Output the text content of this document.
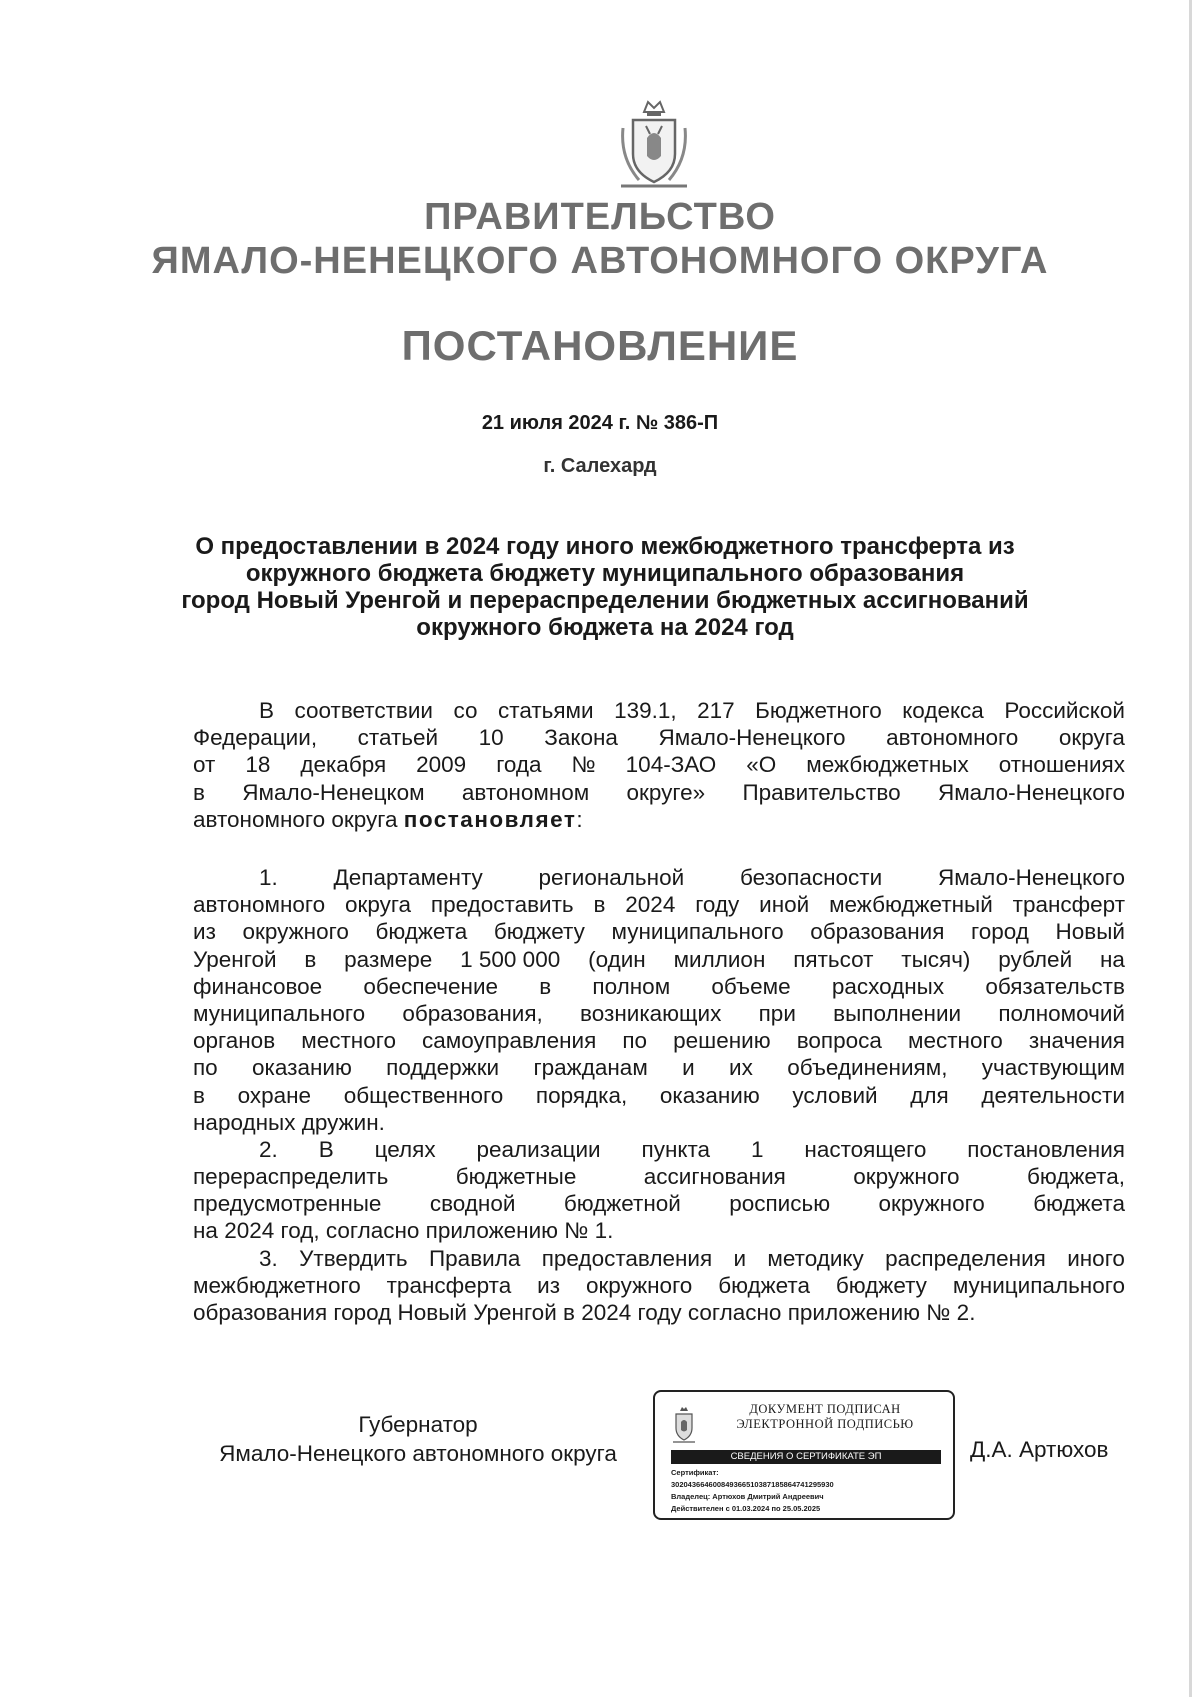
ПРАВИТЕЛЬСТВО
ЯМАЛО-НЕНЕЦКОГО АВТОНОМНОГО ОКРУГА
ПОСТАНОВЛЕНИЕ
21 июля 2024 г. № 386-П
г. Салехард
О предоставлении в 2024 году иного межбюджетного трансферта из
окружного бюджета бюджету муниципального образования
город Новый Уренгой и перераспределении бюджетных ассигнований
окружного бюджета на 2024 год
В соответствии со статьями 139.1, 217 Бюджетного кодекса Российской
Федерации, статьей 10 Закона Ямало-Ненецкого автономного округа
от 18 декабря 2009 года № 104-ЗАО «О межбюджетных отношениях
в Ямало-Ненецком автономном округе» Правительство Ямало-Ненецкого
автономного округа постановляет:
1. Департаменту региональной безопасности Ямало-Ненецкого
автономного округа предоставить в 2024 году иной межбюджетный трансферт
из окружного бюджета бюджету муниципального образования город Новый
Уренгой в размере 1 500 000 (один миллион пятьсот тысяч) рублей на
финансовое обеспечение в полном объеме расходных обязательств
муниципального образования, возникающих при выполнении полномочий
органов местного самоуправления по решению вопроса местного значения
по оказанию поддержки гражданам и их объединениям, участвующим
в охране общественного порядка, оказанию условий для деятельности
народных дружин.
2. В целях реализации пункта 1 настоящего постановления
перераспределить	бюджетные	ассигнования	окружного	бюджета,
предусмотренные сводной бюджетной росписью окружного бюджета
на 2024 год, согласно приложению № 1.
3. Утвердить Правила предоставления и методику распределения иного
межбюджетного трансферта из окружного бюджета бюджету муниципального
образования город Новый Уренгой в 2024 году согласно приложению № 2.
Губернатор
Ямало-Ненецкого автономного округа
ДОКУМЕНТ ПОДПИСАН
ЭЛЕКТРОННОЙ ПОДПИСЬЮ
СВЕДЕНИЯ О СЕРТИФИКАТЕ ЭП
Сертификат:
302043664600849366510387185864741295930
Владелец: Артюхов Дмитрий Андреевич
Действителен с 01.03.2024 по 25.05.2025
Д.А. Артюхов
